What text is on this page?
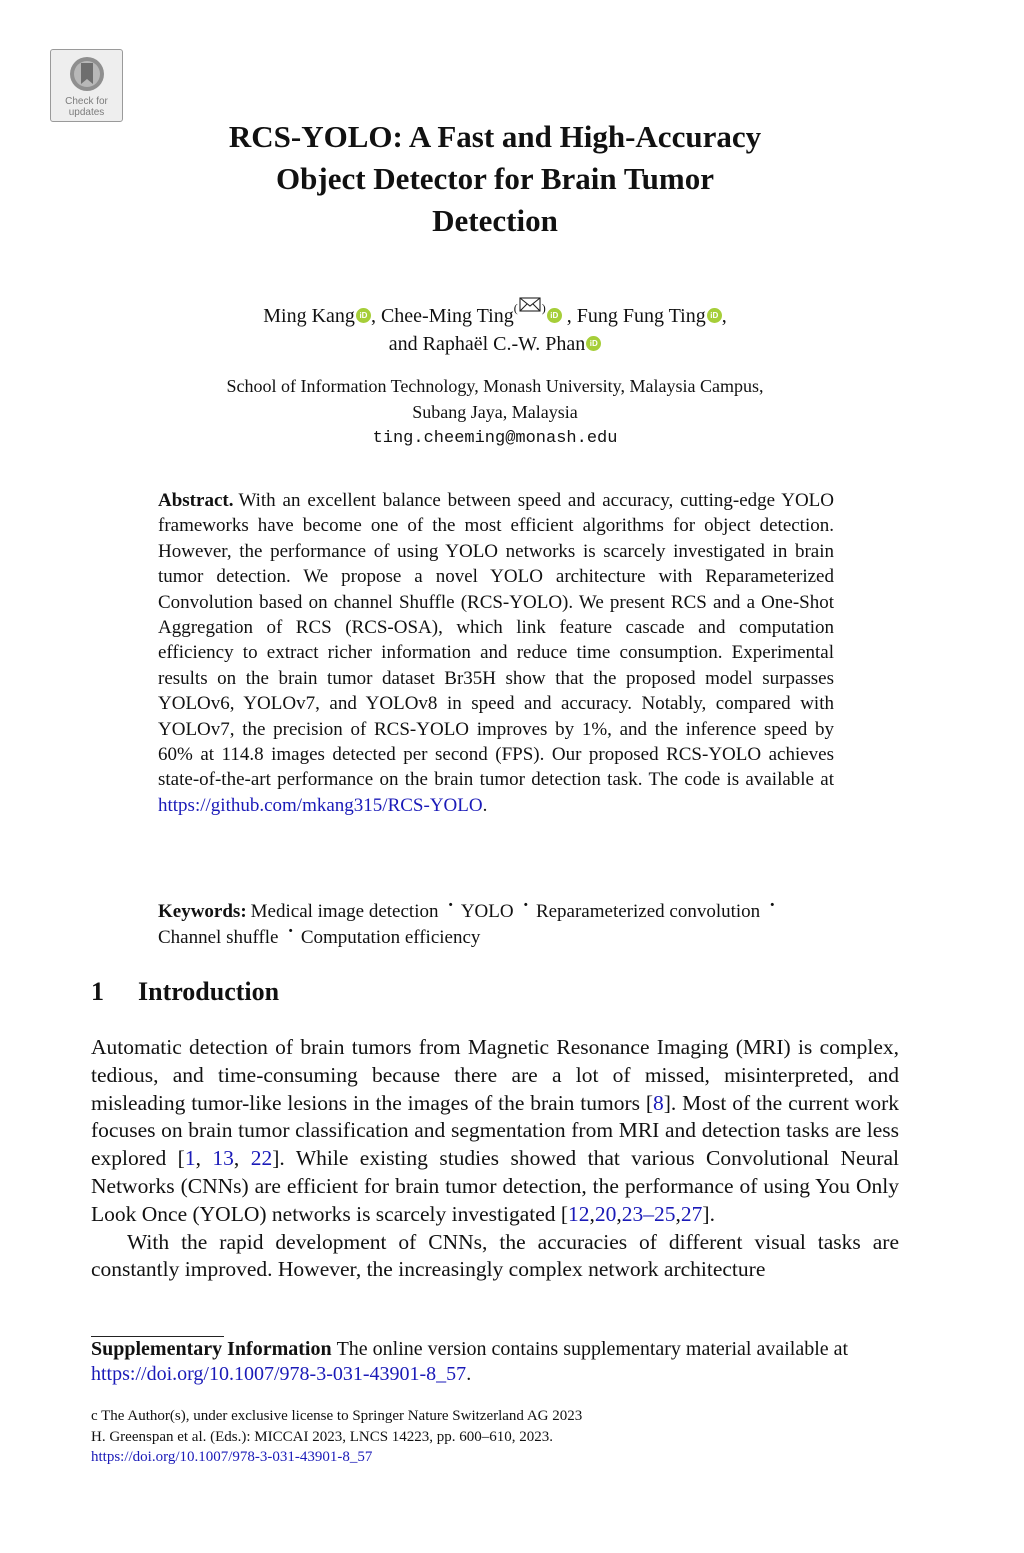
Check for
updates
RCS-YOLO: A Fast and High-Accuracy
Object Detector for Brain Tumor
Detection
Ming Kang iD , Chee-Ming Ting( ) iD , Fung Fung Ting iD ,
and Raphaël C.-W. PhaniD
School of Information Technology, Monash University, Malaysia Campus,
Subang Jaya, Malaysia
ting.cheeming@monash.edu
Abstract. With an excellent balance between speed and accuracy, cutting-edge YOLO frameworks have become one of the most efficient algorithms for object detection. However, the performance of using YOLO networks is scarcely investigated in brain tumor detection. We propose a novel YOLO architecture with Reparameterized Convolution based on channel Shuffle (RCS-YOLO). We present RCS and a One-Shot Aggregation of RCS (RCS-OSA), which link feature cascade and computation efficiency to extract richer information and reduce time consumption. Experimental results on the brain tumor dataset Br35H show that the proposed model surpasses YOLOv6, YOLOv7, and YOLOv8 in speed and accuracy. Notably, compared with YOLOv7, the precision of RCS-YOLO improves by 1%, and the inference speed by 60% at 114.8 images detected per second (FPS). Our proposed RCS-YOLO achieves state-of-the-art performance on the brain tumor detection task. The code is available at https://github.com/mkang315/RCS-YOLO.
Keywords: Medical image detection · YOLO · Reparameterized convolution ·Channel shuffle · Computation efficiency
1 Introduction

Automatic detection of brain tumors from Magnetic Resonance Imaging (MRI) is complex, tedious, and time-consuming because there are a lot of missed, misinterpreted, and misleading tumor-like lesions in the images of the brain tumors [8]. Most of the current work focuses on brain tumor classification and segmentation from MRI and detection tasks are less explored [1, 13, 22]. While existing studies showed that various Convolutional Neural Networks (CNNs) are efficient for brain tumor detection, the performance of using You Only Look Once (YOLO) networks is scarcely investigated [12,20,23–25,27].

With the rapid development of CNNs, the accuracies of different visual tasks are constantly improved. However, the increasingly complex network architecture

Supplementary Information The online version contains supplementary material available at https://doi.org/10.1007/978-3-031-43901-8_57.
c The Author(s), under exclusive license to Springer Nature Switzerland AG 2023
H. Greenspan et al. (Eds.): MICCAI 2023, LNCS 14223, pp. 600–610, 2023.
https://doi.org/10.1007/978-3-031-43901-8_57
